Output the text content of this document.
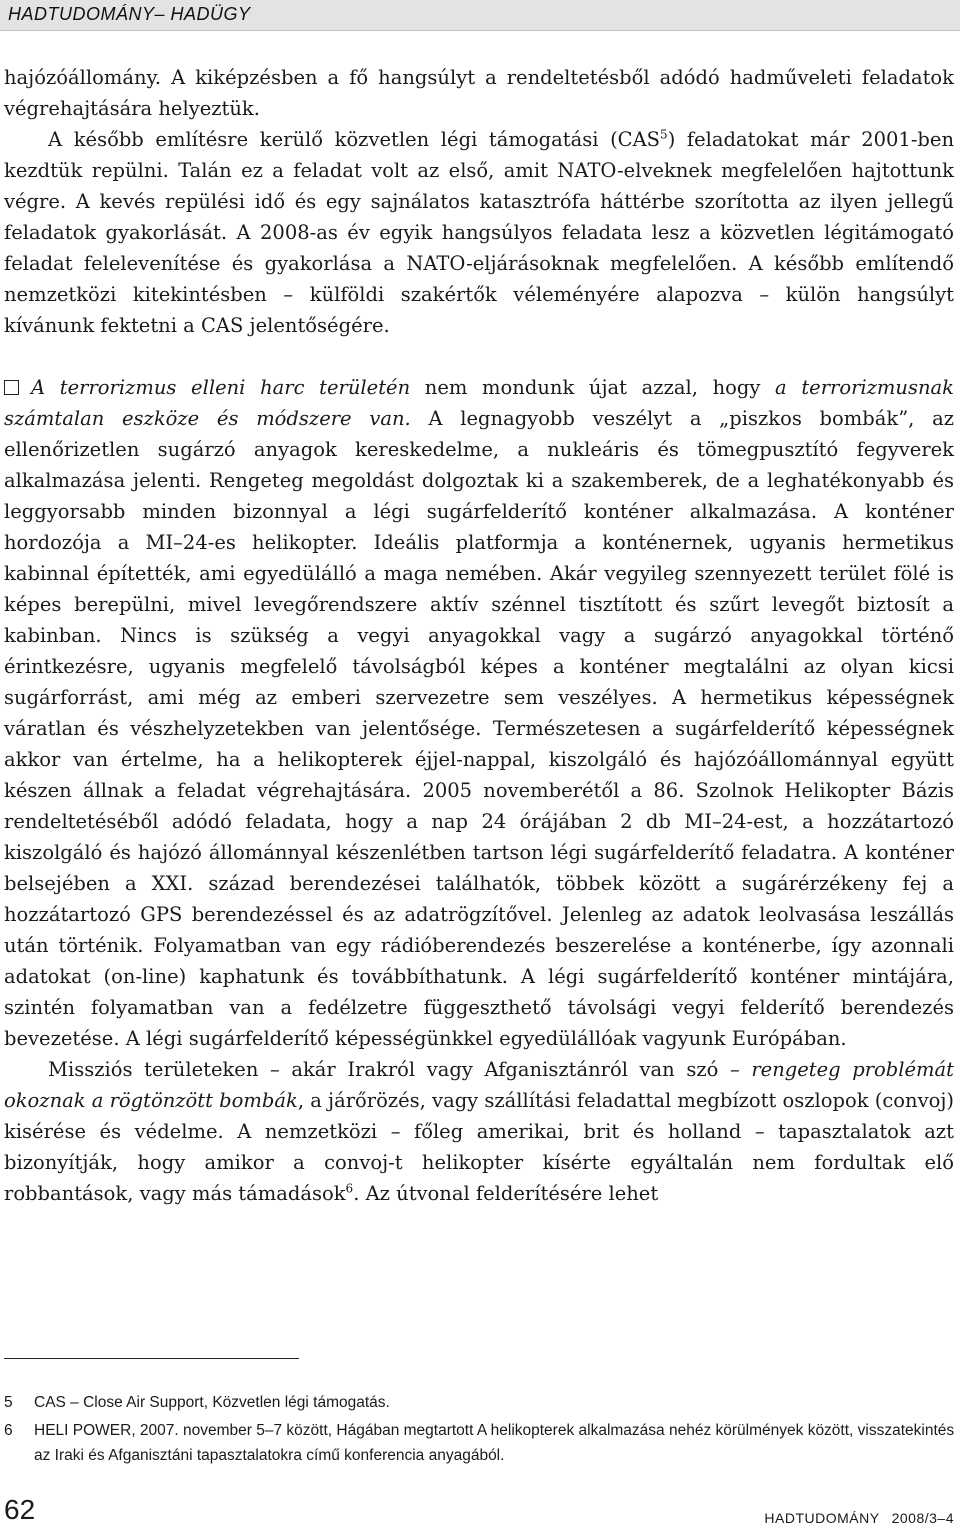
HADTUDOMÁNY– HADÜGY

hajózóállomány. A kiképzésben a fő hangsúlyt a rendeltetésből adódó hadműveleti feladatok végrehajtására helyeztük.

A később említésre kerülő közvetlen légi támogatási (CAS$^5$) feladatokat már 2001-ben kezdtük repülni. Talán ez a feladat volt az első, amit NATO-elveknek megfelelően hajtottunk végre. A kevés repülési idő és egy sajnálatos katasztrófa háttérbe szorította az ilyen jellegű feladatok gyakorlását. A 2008-as év egyik hangsúlyos feladata lesz a közvetlen légitámogató feladat felelevenítése és gyakorlása a NATO-eljárásoknak megfelelően. A később említendő nemzetközi kitekintésben – külföldi szakértők véleményére alapozva – külön hangsúlyt kívánunk fektetni a CAS jelentőségére.

A terrorizmus elleni harc területén nem mondunk újat azzal, hogy a terrorizmusnak számtalan eszköze és módszere van. A legnagyobb veszélyt a „piszkos bombák”, az ellenőrizetlen sugárzó anyagok kereskedelme, a nukleáris és tömegpusztító fegyverek alkalmazása jelenti. Rengeteg megoldást dolgoztak ki a szakemberek, de a leghatékonyabb és leggyorsabb minden bizonnyal a légi sugárfelderítő konténer alkalmazása. A konténer hordozója a MI–24-es helikopter. Ideális platformja a konténernek, ugyanis hermetikus kabinnal építették, ami egyedülálló a maga nemében. Akár vegyileg szennyezett terület fölé is képes berepülni, mivel levegőrendszere aktív szénnel tisztított és szűrt levegőt biztosít a kabinban. Nincs is szükség a vegyi anyagokkal vagy a sugárzó anyagokkal történő érintkezésre, ugyanis megfelelő távolságból képes a konténer megtalálni az olyan kicsi sugárforrást, ami még az emberi szervezetre sem veszélyes. A hermetikus képességnek váratlan és vészhelyzetekben van jelentősége. Természetesen a sugárfelderítő képességnek akkor van értelme, ha a helikopterek éjjel-nappal, kiszolgáló és hajózóállománnyal együtt készen állnak a feladat végrehajtására. 2005 novemberétől a 86. Szolnok Helikopter Bázis rendeltetéséből adódó feladata, hogy a nap 24 órájában 2 db MI–24-est, a hozzátartozó kiszolgáló és hajózó állománnyal készenlétben tartson légi sugárfelderítő feladatra. A konténer belsejében a XXI. század berendezései találhatók, többek között a sugárérzékeny fej a hozzátartozó GPS berendezéssel és az adatrögzítővel. Jelenleg az adatok leolvasása leszállás után történik. Folyamatban van egy rádióberendezés beszerelése a konténerbe, így azonnali adatokat (on-line) kaphatunk és továbbíthatunk. A légi sugárfelderítő konténer mintájára, szintén folyamatban van a fedélzetre függeszthető távolsági vegyi felderítő berendezés bevezetése. A légi sugárfelderítő képességünkkel egyedülállóak vagyunk Európában.

Missziós területeken – akár Irakról vagy Afganisztánról van szó – rengeteg problémát okoznak a rögtönzött bombák, a járőrözés, vagy szállítási feladattal megbízott oszlopok (convoj) kisérése és védelme. A nemzetközi – főleg amerikai, brit és holland – tapasztalatok azt bizonyítják, hogy amikor a convoj-t helikopter kísérte egyáltalán nem fordultak elő robbantások, vagy más támadások$^6$. Az útvonal felderítésére lehet

5 CAS – Close Air Support, Közvetlen légi támogatás.
6 HELI POWER, 2007. november 5–7 között, Hágában megtartott A helikopterek alkalmazása nehéz körülmények között, visszatekintés az Iraki és Afganisztáni tapasztalatokra című konferencia anyagából.
62	HADTUDOMÁNY 2008/3–4
